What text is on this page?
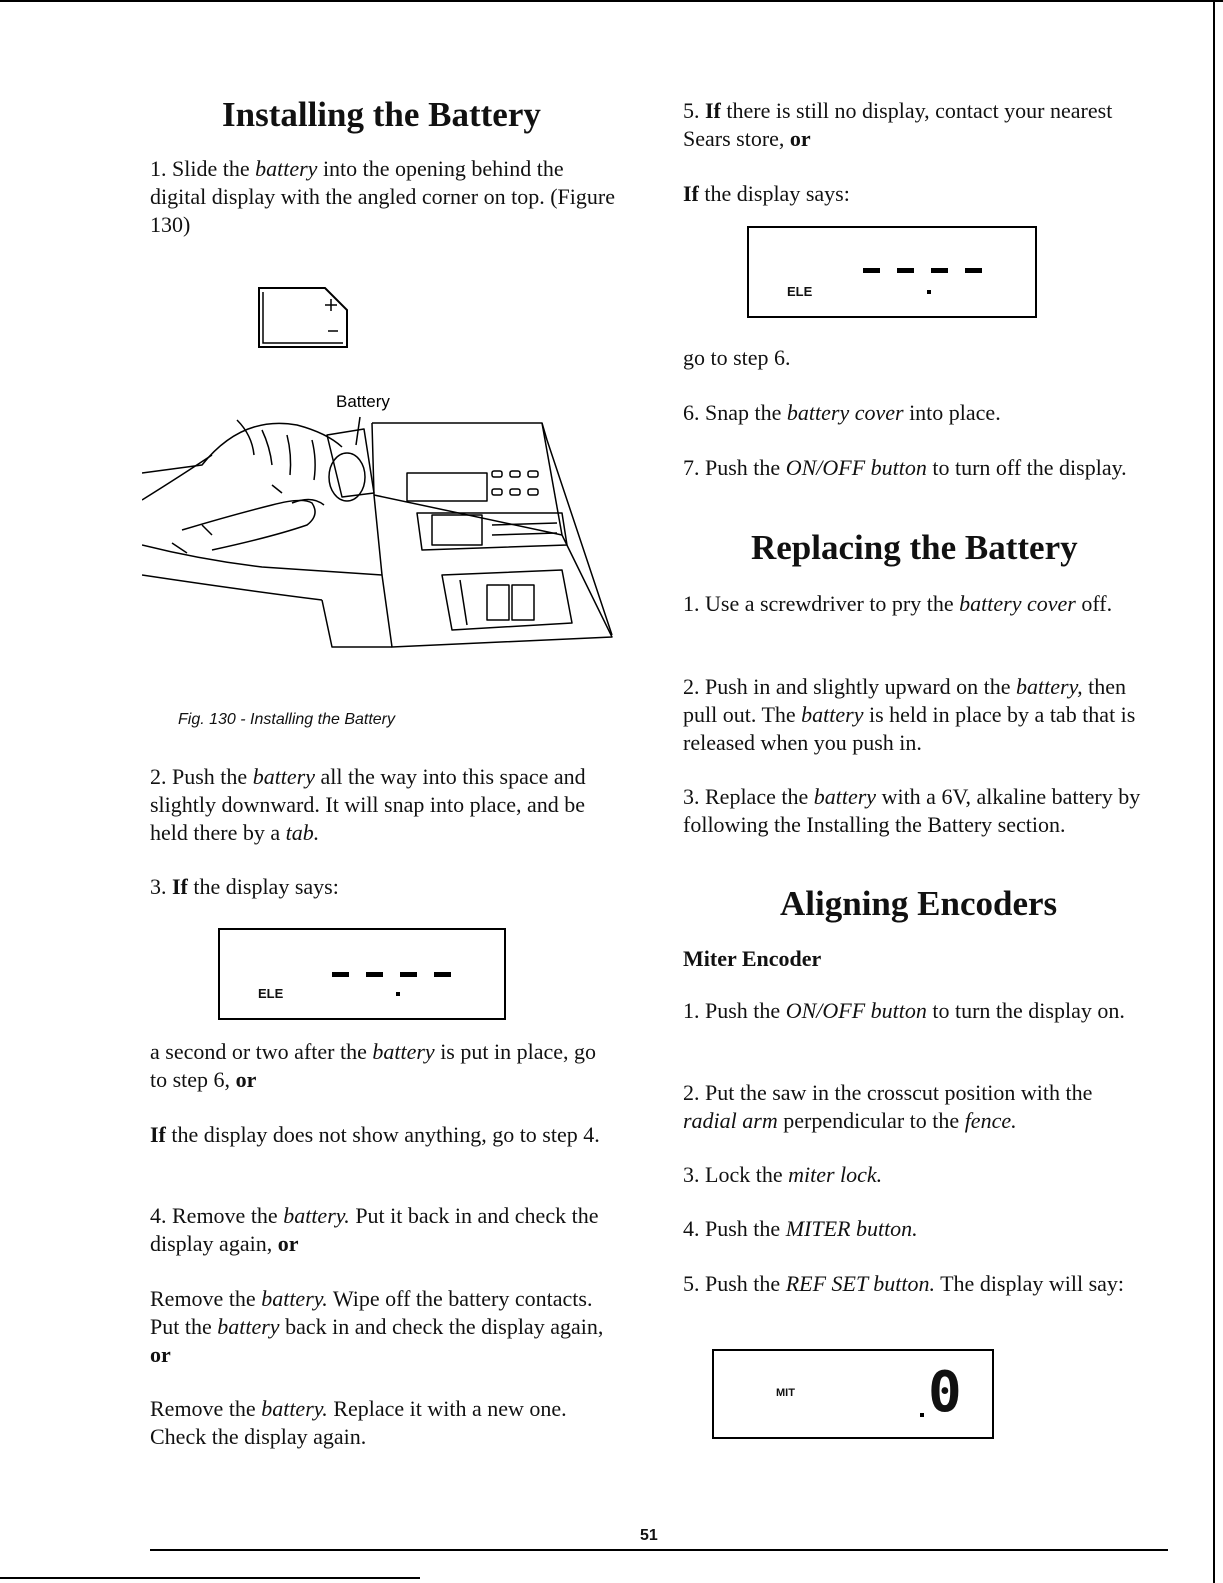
Installing the Battery

1. Slide the battery into the opening behind the digital display with the angled corner on top. (Figure 130)

Battery

Fig. 130 - Installing the Battery

2. Push the battery all the way into this space and slightly downward. It will snap into place, and be held there by a tab.

3. If the display says:

ELE

a second or two after the battery is put in place, go to step 6, or

If the display does not show anything, go to step 4.

4. Remove the battery. Put it back in and check the display again, or

Remove the battery. Wipe off the battery contacts. Put the battery back in and check the display again, or

Remove the battery. Replace it with a new one. Check the display again.

5. If there is still no display, contact your nearest Sears store, or

If the display says:

ELE

go to step 6.

6. Snap the battery cover into place.

7. Push the ON/OFF button to turn off the display.

Replacing the Battery

1. Use a screwdriver to pry the battery cover off.

2. Push in and slightly upward on the battery, then pull out. The battery is held in place by a tab that is released when you push in.

3. Replace the battery with a 6V, alkaline battery by following the Installing the Battery section.

Aligning Encoders

Miter Encoder

1. Push the ON/OFF button to turn the display on.

2. Put the saw in the crosscut position with the radial arm perpendicular to the fence.

3. Lock the miter lock.

4. Push the MITER button.

5. Push the REF SET button. The display will say:

MIT 0
51
